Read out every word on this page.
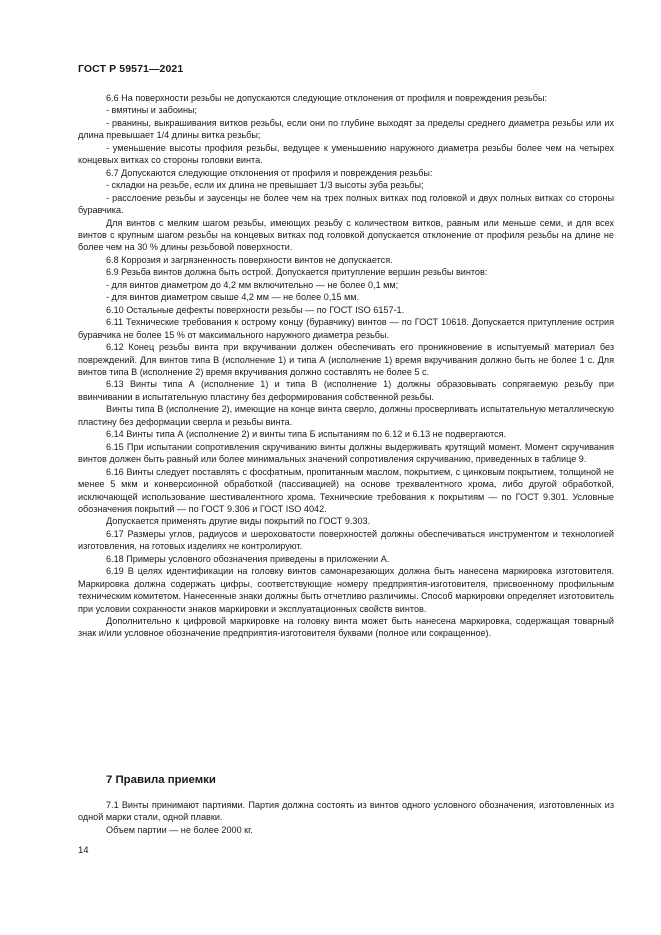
ГОСТ Р 59571—2021

6.6 На поверхности резьбы не допускаются следующие отклонения от профиля и повреждения резьбы:

- вмятины и забоины;

- рванины, выкрашивания витков резьбы, если они по глубине выходят за пределы среднего диаметра резьбы или их длина превышает 1/4 длины витка резьбы;

- уменьшение высоты профиля резьбы, ведущее к уменьшению наружного диаметра резьбы более чем на четырех концевых витках со стороны головки винта.

6.7 Допускаются следующие отклонения от профиля и повреждения резьбы:

- складки на резьбе, если их длина не превышает 1/3 высоты зуба резьбы;

- расслоение резьбы и заусенцы не более чем на трех полных витках под головкой и двух полных витках со стороны буравчика.

Для винтов с мелким шагом резьбы, имеющих резьбу с количеством витков, равным или меньше семи, и для всех винтов с крупным шагом резьбы на концевых витках под головкой допускается отклонение от профиля резьбы на длине не более чем на 30 % длины резьбовой поверхности.

6.8 Коррозия и загрязненность поверхности винтов не допускается.

6.9 Резьба винтов должна быть острой. Допускается притупление вершин резьбы винтов:

- для винтов диаметром до 4,2 мм включительно — не более 0,1 мм;

- для винтов диаметром свыше 4,2 мм — не более 0,15 мм.

6.10 Остальные дефекты поверхности резьбы — по ГОСТ ISO 6157-1.

6.11 Технические требования к острому концу (буравчику) винтов — по ГОСТ 10618. Допускается притупление острия буравчика не более 15 % от максимального наружного диаметра резьбы.

6.12 Конец резьбы винта при вкручивании должен обеспечивать его проникновение в испытуемый материал без повреждений. Для винтов типа В (исполнение 1) и типа А (исполнение 1) время вкручивания должно быть не более 1 с. Для винтов типа В (исполнение 2) время вкручивания должно составлять не более 5 с.

6.13 Винты типа А (исполнение 1) и типа В (исполнение 1) должны образовывать сопрягаемую резьбу при ввинчивании в испытательную пластину без деформирования собственной резьбы.

Винты типа В (исполнение 2), имеющие на конце винта сверло, должны просверливать испытательную металлическую пластину без деформации сверла и резьбы винта.

6.14 Винты типа А (исполнение 2) и винты типа Б испытаниям по 6.12 и 6.13 не подвергаются.

6.15 При испытании сопротивления скручиванию винты должны выдерживать крутящий момент. Момент скручивания винтов должен быть равный или более минимальных значений сопротивления скручиванию, приведенных в таблице 9.

6.16 Винты следует поставлять с фосфатным, пропитанным маслом, покрытием, с цинковым покрытием, толщиной не менее 5 мкм и конверсионной обработкой (пассивацией) на основе трехвалентного хрома, либо другой обработкой, исключающей использование шестивалентного хрома. Технические требования к покрытиям — по ГОСТ 9.301. Условные обозначения покрытий — по ГОСТ 9.306 и ГОСТ ISO 4042.

Допускается применять другие виды покрытий по ГОСТ 9.303.

6.17 Размеры углов, радиусов и шероховатости поверхностей должны обеспечиваться инструментом и технологией изготовления, на готовых изделиях не контролируют.

6.18 Примеры условного обозначения приведены в приложении А.

6.19 В целях идентификации на головку винтов самонарезающих должна быть нанесена маркировка изготовителя. Маркировка должна содержать цифры, соответствующие номеру предприятия-изготовителя, присвоенному профильным техническим комитетом. Нанесенные знаки должны быть отчетливо различимы. Способ маркировки определяет изготовитель при условии сохранности знаков маркировки и эксплуатационных свойств винтов.

Дополнительно к цифровой маркировке на головку винта может быть нанесена маркировка, содержащая товарный знак и/или условное обозначение предприятия-изготовителя буквами (полное или сокращенное).

7 Правила приемки

7.1 Винты принимают партиями. Партия должна состоять из винтов одного условного обозначения, изготовленных из одной марки стали, одной плавки.

Объем партии — не более 2000 кг.

14
